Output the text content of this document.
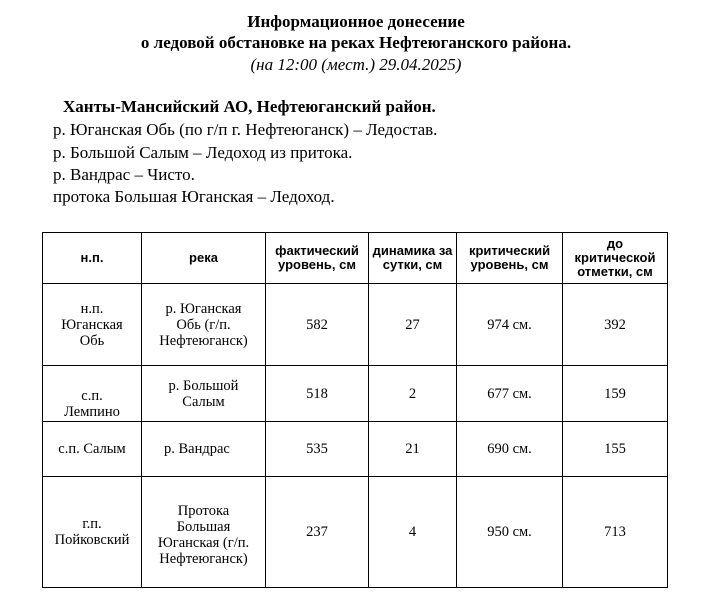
Информационное донесение
о ледовой обстановке на реках Нефтеюганского района.
(на 12:00 (мест.) 29.04.2025)
Ханты-Мансийский АО, Нефтеюганский район.
р. Юганская Обь (по г/п г. Нефтеюганск) – Ледостав.
р. Большой Салым – Ледоход из притока.
р. Вандрас – Чисто.
протока Большая Юганская – Ледоход.
н.п.	река	фактический уровень, см	динамика за сутки, см	критический уровень, см	до критической отметки, см
н.п. Юганская Обь	р. Юганская Обь (г/п. Нефтеюганск)	582	27	974 см.	392
с.п. Лемпино	р. Большой Салым	518	2	677 см.	159
с.п. Салым	р. Вандрас	535	21	690 см.	155
г.п. Пойковский	Протока Большая Юганская (г/п. Нефтеюганск)	237	4	950 см.	713
